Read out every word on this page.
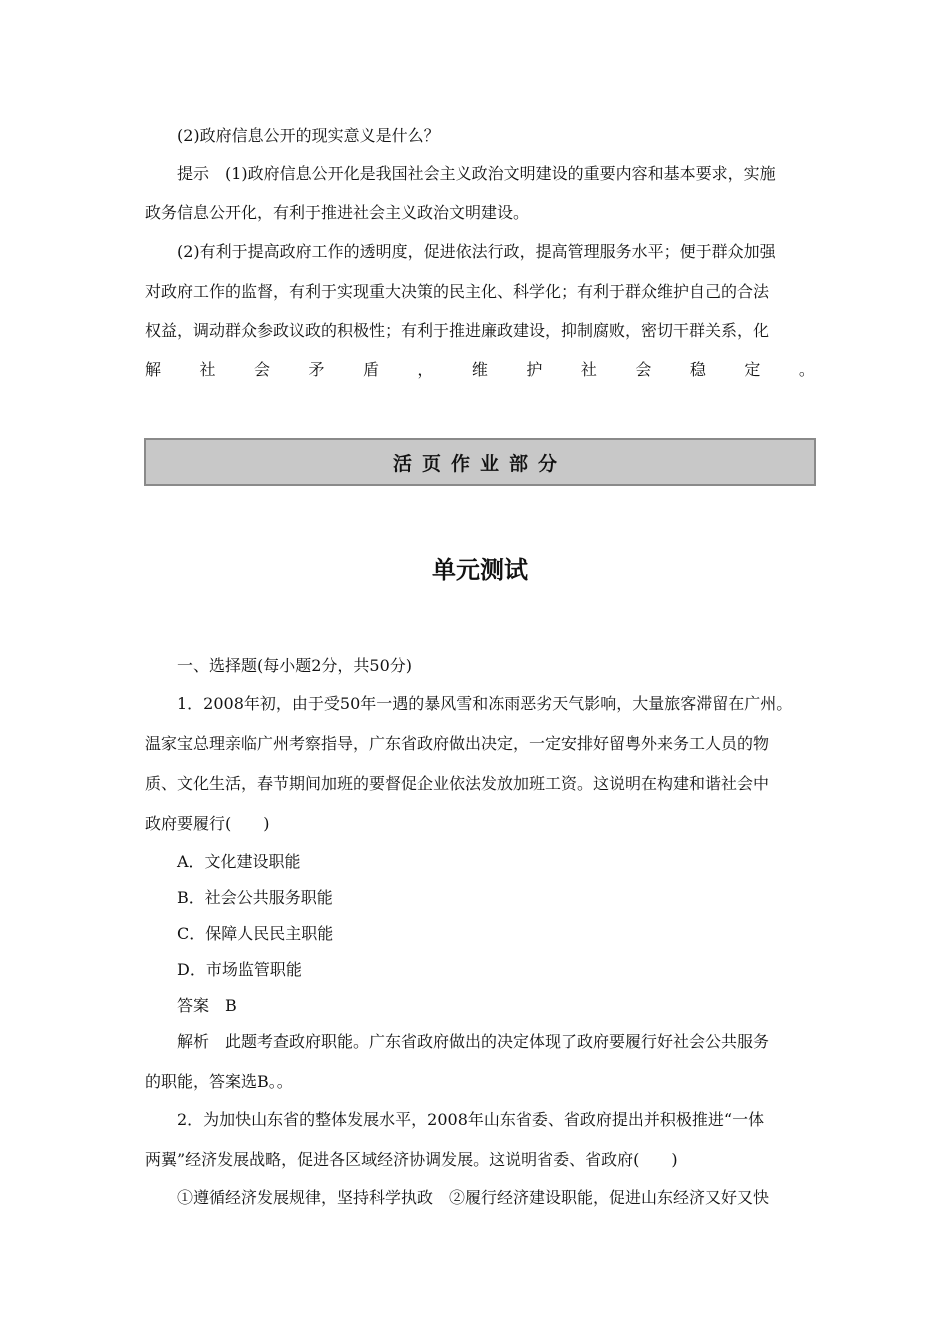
(2)政府信息公开的现实意义是什么？
提示　(1)政府信息公开化是我国社会主义政治文明建设的重要内容和基本要求，实施
政务信息公开化，有利于推进社会主义政治文明建设。
(2)有利于提高政府工作的透明度，促进依法行政，提高管理服务水平；便于群众加强
对政府工作的监督，有利于实现重大决策的民主化、科学化；有利于群众维护自己的合法
权益，调动群众参政议政的积极性；有利于推进廉政建设，抑制腐败，密切干群关系，化
解 社 会 矛 盾 ， 维 护 社 会 稳 定 。
活页作业部分
单元测试
一、选择题(每小题2分，共50分)
1．2008年初，由于受50年一遇的暴风雪和冻雨恶劣天气影响，大量旅客滞留在广州。
温家宝总理亲临广州考察指导，广东省政府做出决定，一定安排好留粤外来务工人员的物
质、文化生活，春节期间加班的要督促企业依法发放加班工资。这说明在构建和谐社会中
政府要履行(　　)
A．文化建设职能
B．社会公共服务职能
C．保障人民民主职能
D．市场监管职能
答案　B
解析　此题考查政府职能。广东省政府做出的决定体现了政府要履行好社会公共服务
的职能，答案选B。。
2．为加快山东省的整体发展水平，2008年山东省委、省政府提出并积极推进“一体
两翼”经济发展战略，促进各区域经济协调发展。这说明省委、省政府(　　)
①遵循经济发展规律，坚持科学执政　②履行经济建设职能，促进山东经济又好又快
